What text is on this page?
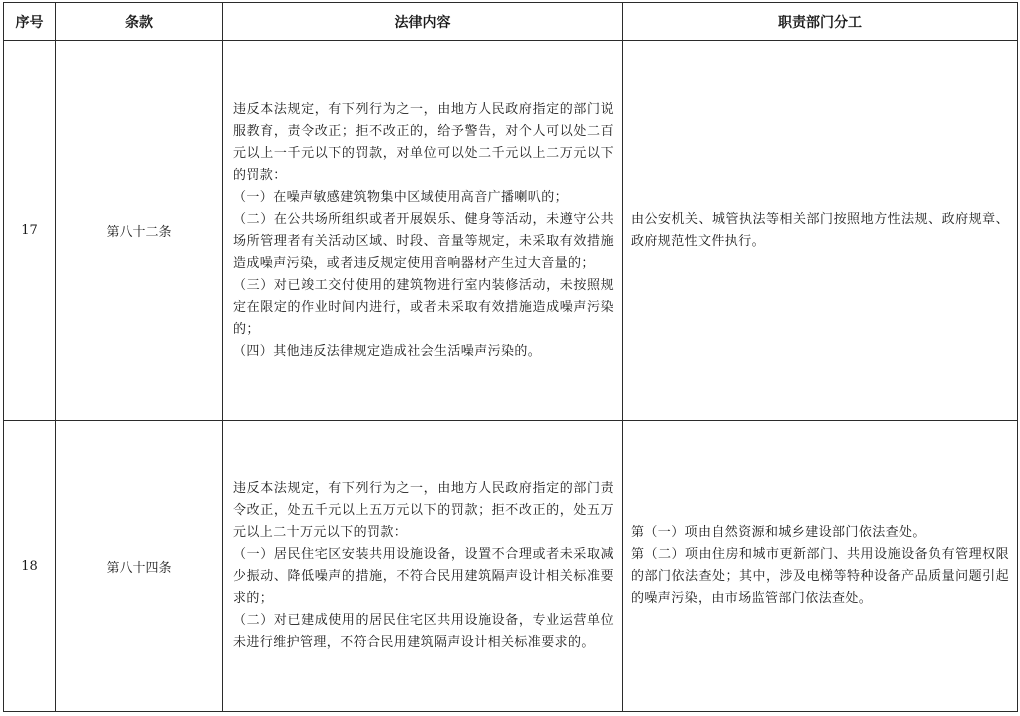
序号	条款	法律内容	职责部门分工
17	第八十二条	违反本法规定，有下列行为之一，由地方人民政府指定的部门说服教育，责令改正；拒不改正的，给予警告，对个人可以处二百元以上一千元以下的罚款，对单位可以处二千元以上二万元以下的罚款：
（一）在噪声敏感建筑物集中区域使用高音广播喇叭的；
（二）在公共场所组织或者开展娱乐、健身等活动，未遵守公共场所管理者有关活动区域、时段、音量等规定，未采取有效措施造成噪声污染，或者违反规定使用音响器材产生过大音量的；
（三）对已竣工交付使用的建筑物进行室内装修活动，未按照规定在限定的作业时间内进行，或者未采取有效措施造成噪声污染的；
（四）其他违反法律规定造成社会生活噪声污染的。	由公安机关、城管执法等相关部门按照地方性法规、政府规章、政府规范性文件执行。

18	第八十四条	违反本法规定，有下列行为之一，由地方人民政府指定的部门责令改正，处五千元以上五万元以下的罚款；拒不改正的，处五万元以上二十万元以下的罚款：
（一）居民住宅区安装共用设施设备，设置不合理或者未采取减少振动、降低噪声的措施，不符合民用建筑隔声设计相关标准要求的；
（二）对已建成使用的居民住宅区共用设施设备，专业运营单位未进行维护管理，不符合民用建筑隔声设计相关标准要求的。	第（一）项由自然资源和城乡建设部门依法查处。
第（二）项由住房和城市更新部门、共用设施设备负有管理权限的部门依法查处；其中，涉及电梯等特种设备产品质量问题引起的噪声污染，由市场监管部门依法查处。
